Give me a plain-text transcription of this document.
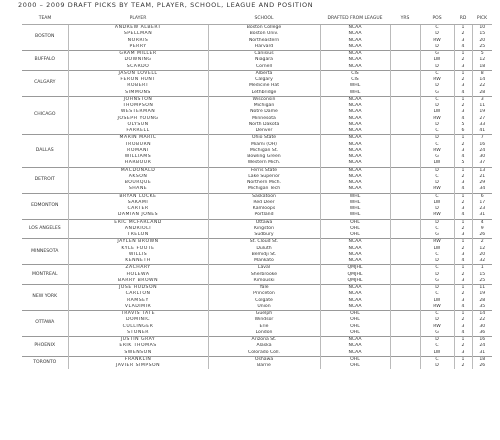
2000 – 2009 DRAFT PICKS BY TEAM, PLAYER, SCHOOL, LEAGUE AND POSITION
TEAM	PLAYER	SCHOOL	DRAFTED FROM LEAGUE	YRS	POS	RD	PICK
BOSTON	ANDREW ALBERT	Boston College	NCAA		C	1	10
	SPELLMAN	Boston Univ.	NCAA		D	2	15
	NORRIS	Northeastern	NCAA		RW	3	20
	PERRY	Harvard	NCAA		D	4	25
BUFFALO	GRAM MILLER	Canisius	NCAA		G	1	5
	DOWNING	Niagara	NCAA		LW	2	12
	SCARDO	Cornell	NCAA		D	3	18
CALGARY	JASON LOVELL	Alberta	CIS		C	1	8
	FERON HUNT	Calgary	CIS		RW	2	14
	ROBERT	Medicine Hat	WHL		D	3	22
	SIMMONS	Lethbridge	WHL		G	4	28
CHICAGO	JOHNSTON	Wisconsin	NCAA		C	1	3
	THOMPSON	Michigan	NCAA		D	2	11
	WESTERMAN	Notre Dame	NCAA		LW	3	19
	JOSEPH YOUNG	Minnesota	NCAA		RW	4	27
	OLYSUN	North Dakota	NCAA		D	5	33
	FARRELL	Denver	NCAA		C	6	41
DALLAS	MARIN MARIC	Ohio State	NCAA		D	1	7
	TROBURN	Miami (OH)	NCAA		C	2	16
	ROMANI	Michigan St.	NCAA		RW	3	24
	WILLIAMS	Bowling Green	NCAA		G	4	30
	HARBOUR	Western Mich.	NCAA		LW	5	37
DETROIT	MACDONALD	Ferris State	NCAA		D	1	13
	AKSON	Lake Superior	NCAA		C	2	21
	BOURQUE	Northern Mich.	NCAA		D	3	29
	SHANE	Michigan Tech	NCAA		RW	4	34
EDMONTON	BRYAN LOCKE	Saskatoon	WHL		C	1	6
	SAKAMI	Red Deer	WHL		LW	2	17
	CARTER	Kamloops	WHL		D	3	23
	DAMIAN JONES	Portland	WHL		RW	4	31
LOS ANGELES	ERIC MCFARLAND	Ottawa	OHL		D	1	4
	ANDRIOLI	Kingston	OHL		C	2	9
	TRELON	Sudbury	OHL		G	3	26
MINNESOTA	JAYLEN BROWN	St. Cloud St.	NCAA		RW	1	2
	KYLE FOOTE	Duluth	NCAA		LW	2	12
	WILLIS	Bemidji St.	NCAA		C	3	20
	KENNETH	Mankato	NCAA		D	4	32
MONTREAL	ZACHARY	Laval	QMJHL		C	1	1
	HOLEWA	Sherbrooke	QMJHL		D	2	15
	BARRY BROWN	Rimouski	QMJHL		G	3	25
NEW YORK	JOSE HUDSON	Yale	NCAA		D	1	11
	CARLTON	Princeton	NCAA		C	2	19
	RAMSEY	Colgate	NCAA		LW	3	28
	VLADIMIR	Union	NCAA		RW	4	35
OTTAWA	TRAVIS TATE	Guelph	OHL		C	1	14
	DOMINIC	Windsor	OHL		D	2	22
	CULLINGER	Erie	OHL		RW	3	30
	STONER	London	OHL		G	4	36
PHOENIX	JUSTIN GRAY	Arizona St.	NCAA		D	1	16
	ERIK THOMAS	Alaska	NCAA		C	2	24
	SWENSON	Colorado Coll.	NCAA		LW	3	31
TORONTO	FRANKLIN	Oshawa	OHL		C	1	18
	JAVIER SIMPSON	Barrie	OHL		D	2	26
